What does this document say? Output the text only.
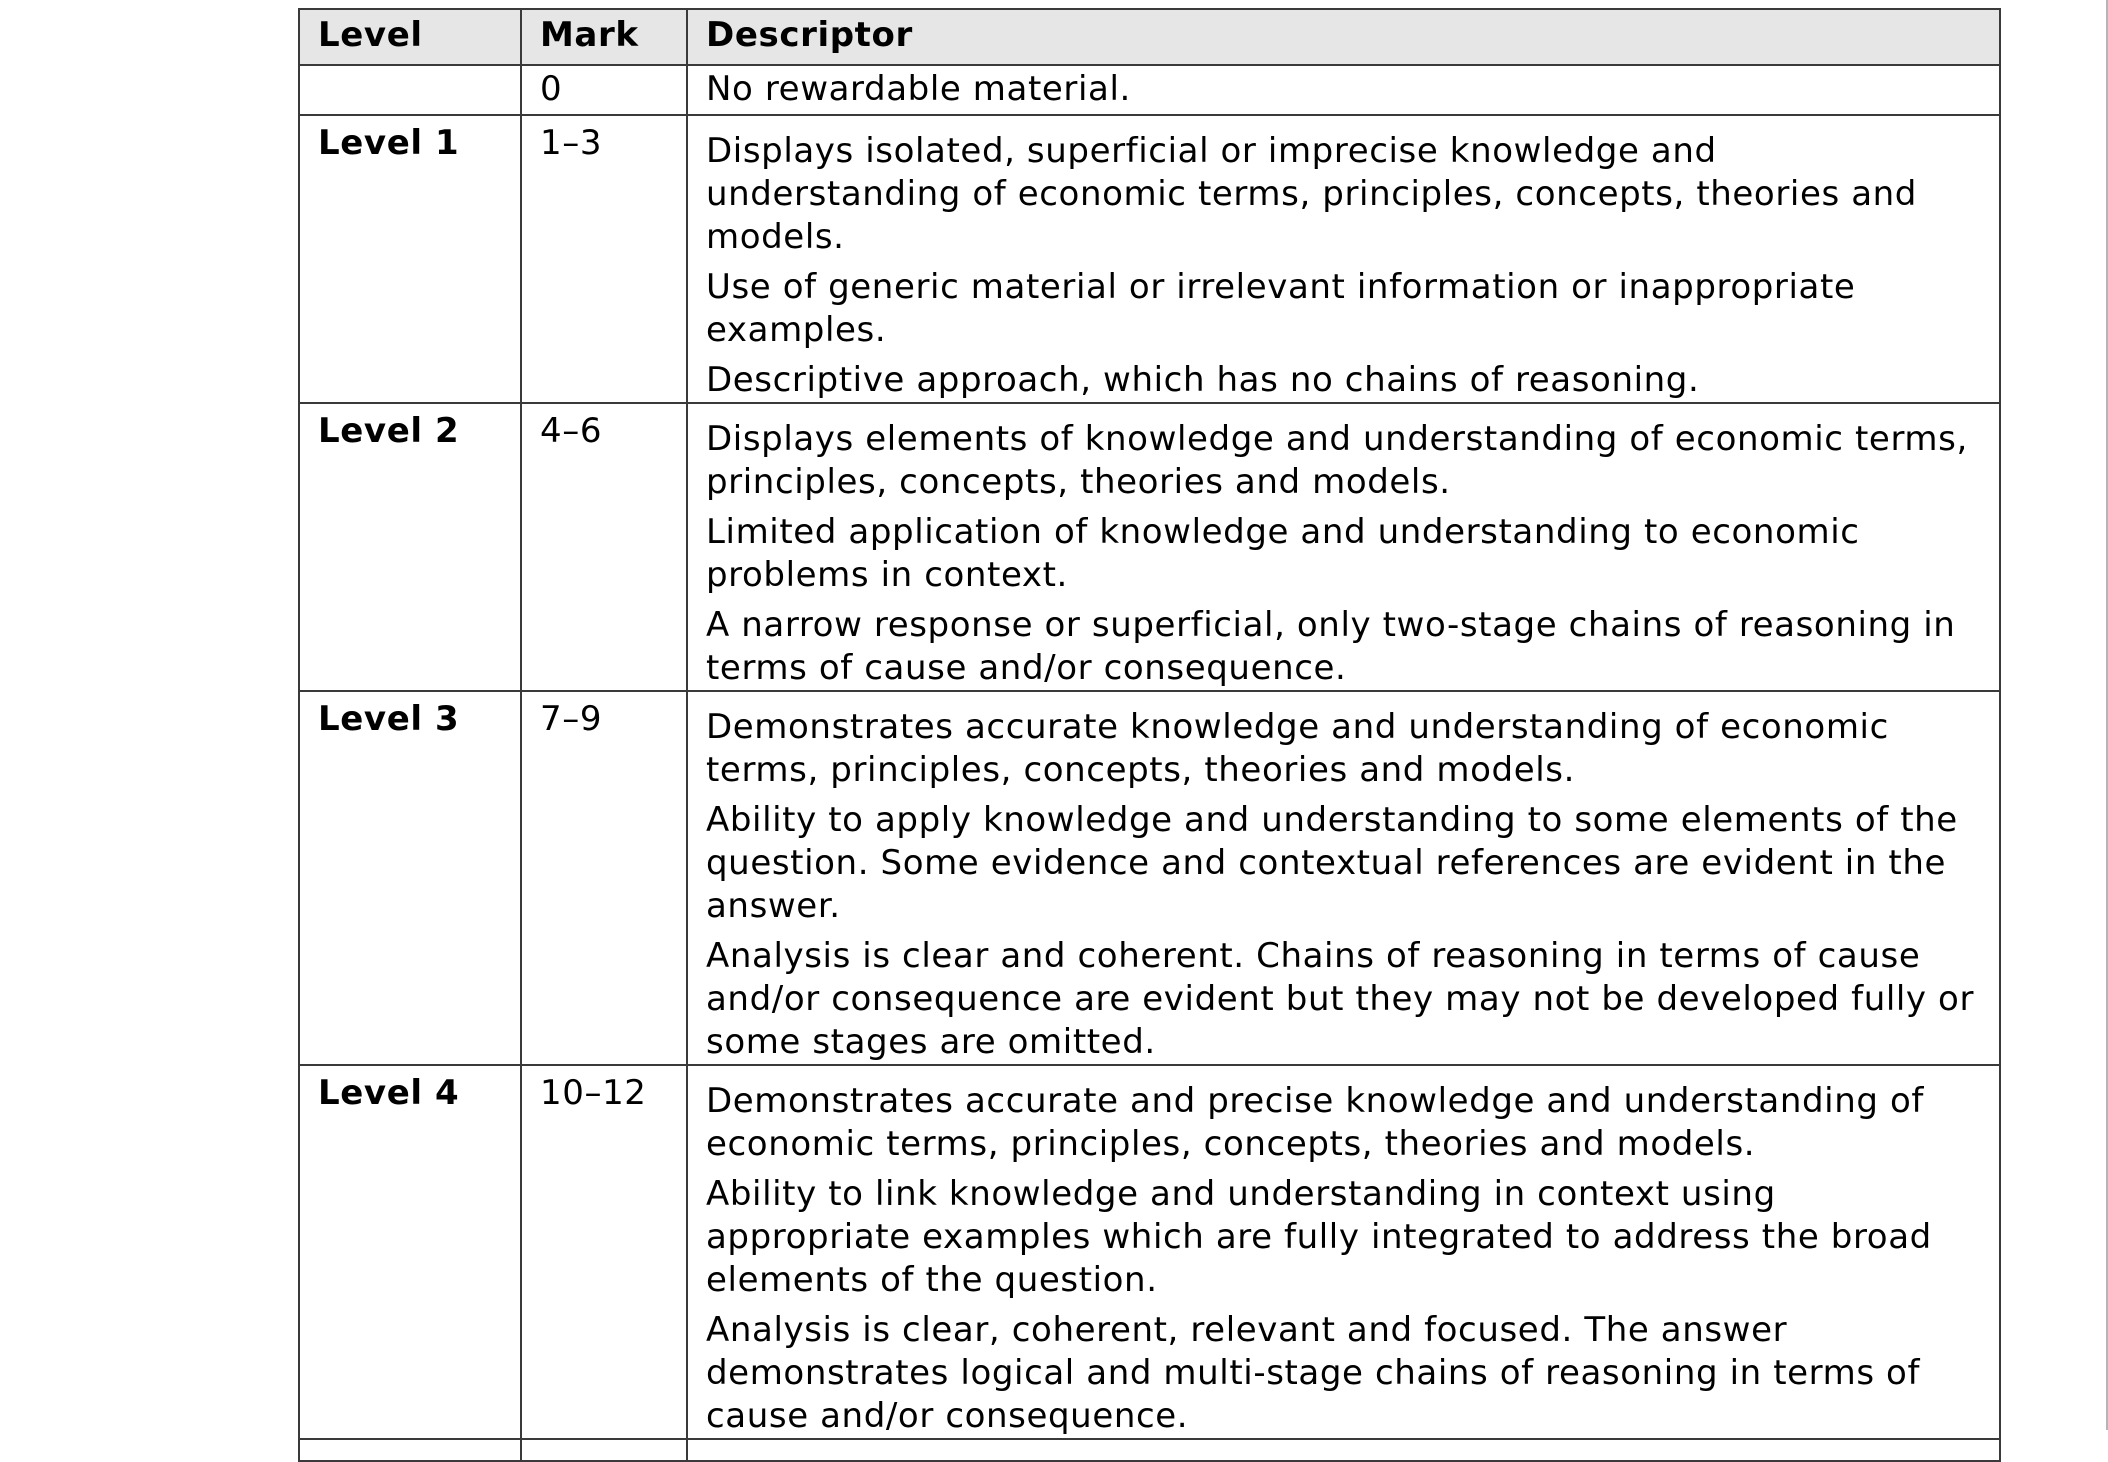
Level	Mark	Descriptor
	0	No rewardable material.

Level 1	1–3	Displays isolated, superficial or imprecise knowledge and understanding of economic terms, principles, concepts, theories and models.
Use of generic material or irrelevant information or inappropriate examples.
Descriptive approach, which has no chains of reasoning.

Level 2	4–6	Displays elements of knowledge and understanding of economic terms, principles, concepts, theories and models.
Limited application of knowledge and understanding to economic problems in context.
A narrow response or superficial, only two-stage chains of reasoning in terms of cause and/or consequence.

Level 3	7–9	Demonstrates accurate knowledge and understanding of economic terms, principles, concepts, theories and models.
Ability to apply knowledge and understanding to some elements of the question. Some evidence and contextual references are evident in the answer.
Analysis is clear and coherent. Chains of reasoning in terms of cause and/or consequence are evident but they may not be developed fully or some stages are omitted.

Level 4	10–12	Demonstrates accurate and precise knowledge and understanding of economic terms, principles, concepts, theories and models.
Ability to link knowledge and understanding in context using appropriate examples which are fully integrated to address the broad elements of the question.
Analysis is clear, coherent, relevant and focused. The answer demonstrates logical and multi-stage chains of reasoning in terms of cause and/or consequence.
